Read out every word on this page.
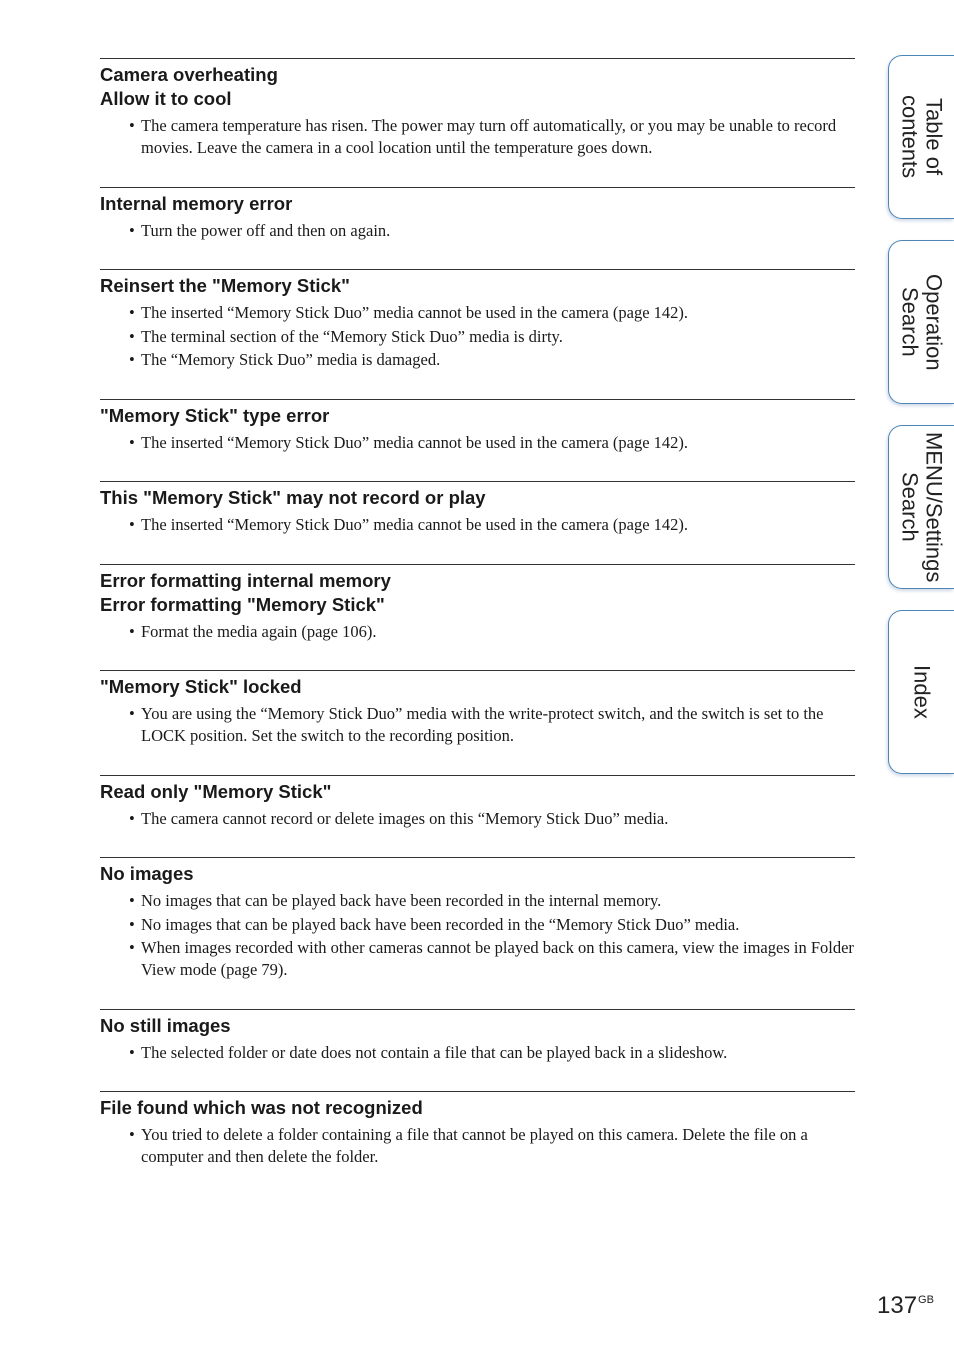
Camera overheating
Allow it to cool
• The camera temperature has risen. The power may turn off automatically, or you may be unable to record movies. Leave the camera in a cool location until the temperature goes down.
Internal memory error
• Turn the power off and then on again.
Reinsert the "Memory Stick"
• The inserted “Memory Stick Duo” media cannot be used in the camera (page 142).
• The terminal section of the “Memory Stick Duo” media is dirty.
• The “Memory Stick Duo” media is damaged.
"Memory Stick" type error
• The inserted “Memory Stick Duo” media cannot be used in the camera (page 142).
This "Memory Stick" may not record or play
• The inserted “Memory Stick Duo” media cannot be used in the camera (page 142).
Error formatting internal memory
Error formatting "Memory Stick"
• Format the media again (page 106).
"Memory Stick" locked
• You are using the “Memory Stick Duo” media with the write-protect switch, and the switch is set to the LOCK position. Set the switch to the recording position.
Read only "Memory Stick"
• The camera cannot record or delete images on this “Memory Stick Duo” media.
No images
• No images that can be played back have been recorded in the internal memory.
• No images that can be played back have been recorded in the “Memory Stick Duo” media.
• When images recorded with other cameras cannot be played back on this camera, view the images in Folder View mode (page 79).
No still images
• The selected folder or date does not contain a file that can be played back in a slideshow.
File found which was not recognized
• You tried to delete a folder containing a file that cannot be played on this camera. Delete the file on a computer and then delete the folder.
Table of
contents
Operation
Search
MENU/Settings
Search
Index
$137^{GB}$
